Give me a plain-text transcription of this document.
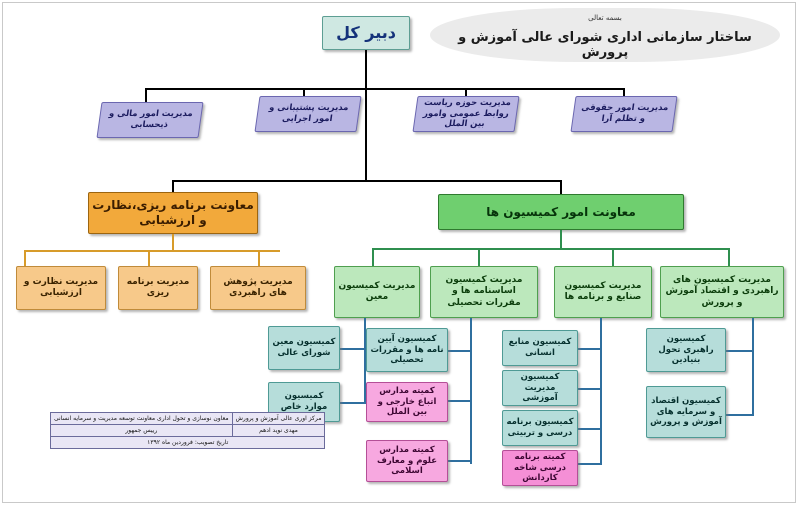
بسمه تعالی
ساختار سازمانی اداری شورای عالی آموزش و پرورش
دبیر کل
مدیریت امور حقوقی و تظلم آرا
مدیریت حوزه ریاست روابط عمومی وامور بین الملل
مدیریت پشتیبانی و امور اجرایی
مدیریت امور مالی و ذیحسابی
معاونت امور کمیسیون ها
معاونت برنامه ریزی،نظارت و ارزشیابی
مدیریت پژوهش های راهبردی
مدیریت برنامه ریزی
مدیریت نظارت و ارزشیابی
مدیریت کمیسیون های راهبردی و اقتصاد آموزش و پرورش
مدیریت کمیسیون صنایع و برنامه ها
مدیریت کمیسیون اساسنامه ها و مقررات تحصیلی
مدیریت کمیسیون معین
کمیسیون راهبری تحول بنیادین
کمیسیون اقتصاد و سرمایه های آموزش و پرورش
کمیسیون منابع انسانی
کمیسیون مدیریت آموزشی
کمیسیون برنامه درسی و تربیتی
کمیته برنامه درسی شاخه کاردانش
کمیسیون آیین نامه ها و مقررات تحصیلی
کمیته مدارس اتباع خارجی و بین الملل
کمیته مدارس علوم و معارف اسلامی
کمیسیون معین شورای عالی
کمیسیون موارد خاص
مرکز اوری عالی آموزش و پرورش	معاون نوسازی و تحول اداری معاونت توسعه مدیریت و سرمایه انسانی
مهدی نوید ادهم	رییس جمهور
تاریخ تصویب: فروردین ماه ۱۳۹۲	
